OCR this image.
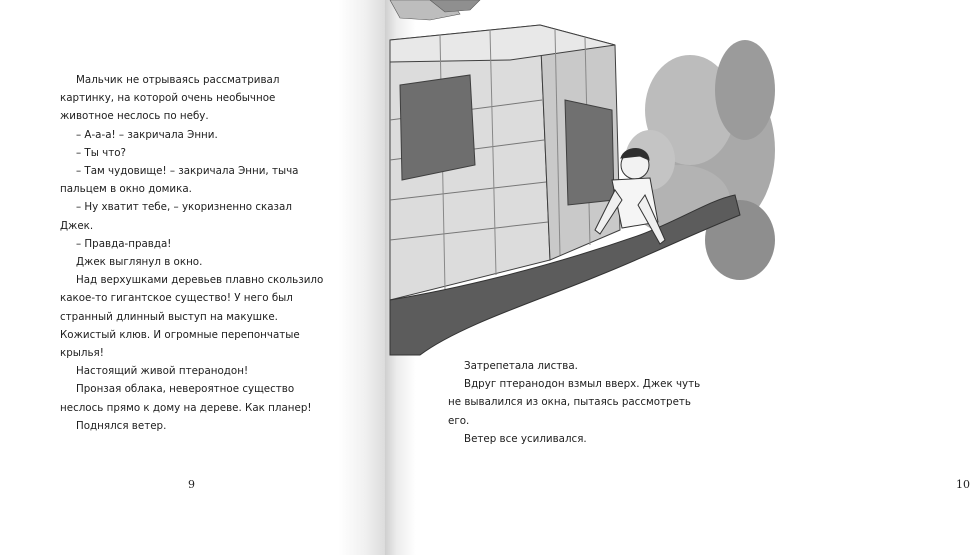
Мальчик не отрываясь рассматривал

картинку, на которой очень необычное

животное неслось по небу.

– А-а-а! – закричала Энни.

– Ты что?

– Там чудовище! – закричала Энни, тыча

пальцем в окно домика.

– Ну хватит тебе, – укоризненно сказал

Джек.

– Правда-правда!

Джек выглянул в окно.

Над верхушками деревьев плавно скользило

какое-то гигантское существо! У него был

странный длинный выступ на макушке.

Кожистый клюв. И огромные перепончатые

крылья!

Настоящий живой птеранодон!

Пронзая облака, невероятное существо

неслось прямо к дому на дереве. Как планер!

Поднялся ветер.

9	10

Затрепетала листва.

Вдруг птеранодон взмыл вверх. Джек чуть

не вывалился из окна, пытаясь рассмотреть

его.

Ветер все усиливался.
